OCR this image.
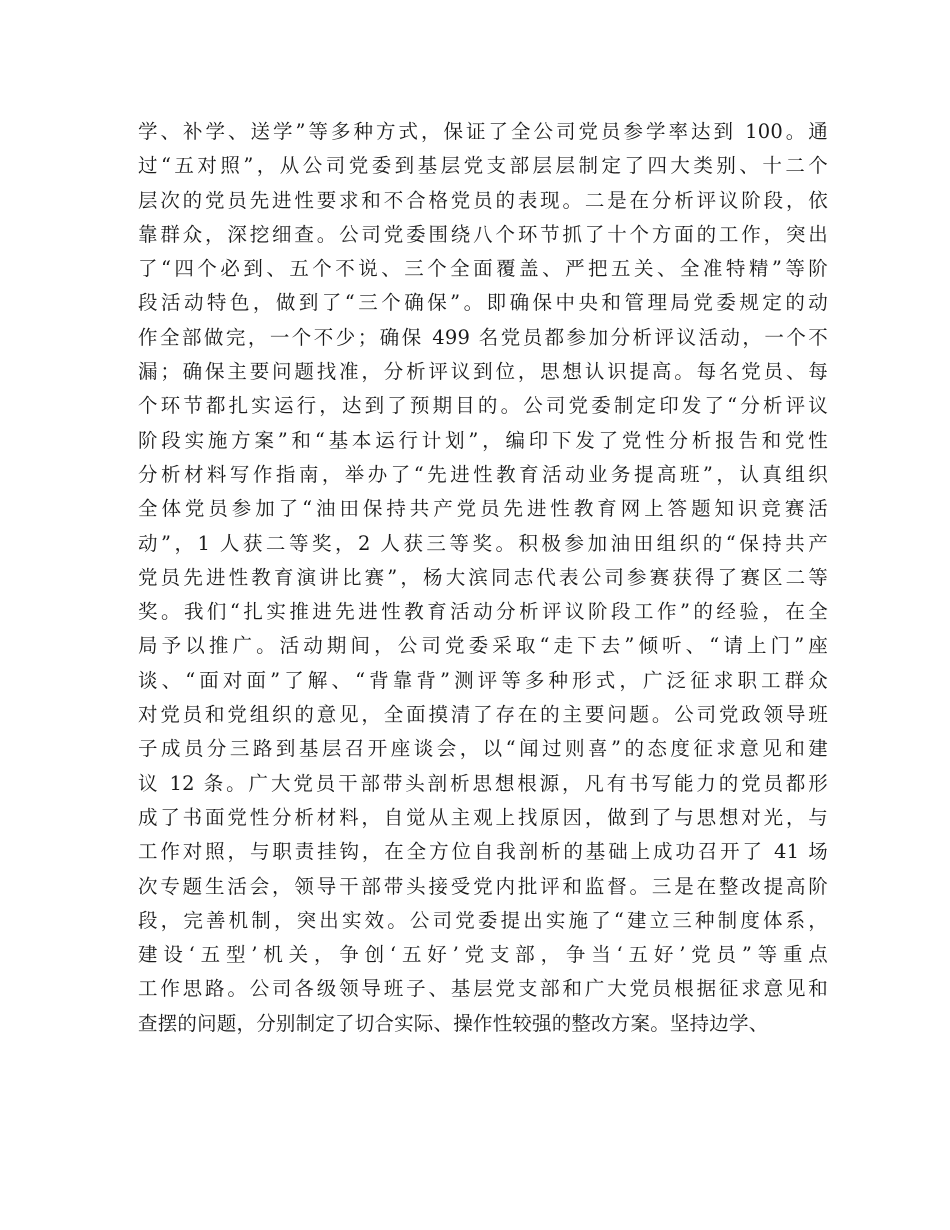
学、补学、送学”等多种方式，保证了全公司党员参学率达到 100。通
过“五对照”，从公司党委到基层党支部层层制定了四大类别、十二个
层次的党员先进性要求和不合格党员的表现。二是在分析评议阶段，依
靠群众，深挖细查。公司党委围绕八个环节抓了十个方面的工作，突出
了“四个必到、五个不说、三个全面覆盖、严把五关、全准特精”等阶
段活动特色，做到了“三个确保”。即确保中央和管理局党委规定的动
作全部做完，一个不少；确保 499 名党员都参加分析评议活动，一个不
漏；确保主要问题找准，分析评议到位，思想认识提高。每名党员、每
个环节都扎实运行，达到了预期目的。公司党委制定印发了“分析评议
阶段实施方案”和“基本运行计划”，编印下发了党性分析报告和党性
分析材料写作指南，举办了“先进性教育活动业务提高班”，认真组织
全体党员参加了“油田保持共产党员先进性教育网上答题知识竞赛活
动”，1 人获二等奖，2 人获三等奖。积极参加油田组织的“保持共产
党员先进性教育演讲比赛”，杨大滨同志代表公司参赛获得了赛区二等
奖。我们“扎实推进先进性教育活动分析评议阶段工作”的经验，在全
局予以推广。活动期间，公司党委采取“走下去”倾听、“请上门”座
谈、“面对面”了解、“背靠背”测评等多种形式，广泛征求职工群众
对党员和党组织的意见，全面摸清了存在的主要问题。公司党政领导班
子成员分三路到基层召开座谈会，以“闻过则喜”的态度征求意见和建
议 12 条。广大党员干部带头剖析思想根源，凡有书写能力的党员都形
成了书面党性分析材料，自觉从主观上找原因，做到了与思想对光，与
工作对照，与职责挂钩，在全方位自我剖析的基础上成功召开了 41 场
次专题生活会，领导干部带头接受党内批评和监督。三是在整改提高阶
段，完善机制，突出实效。公司党委提出实施了“建立三种制度体系，
建设‘五型’机关，争创‘五好’党支部，争当‘五好’党员”等重点
工作思路。公司各级领导班子、基层党支部和广大党员根据征求意见和
查摆的问题，分别制定了切合实际、操作性较强的整改方案。坚持边学、
